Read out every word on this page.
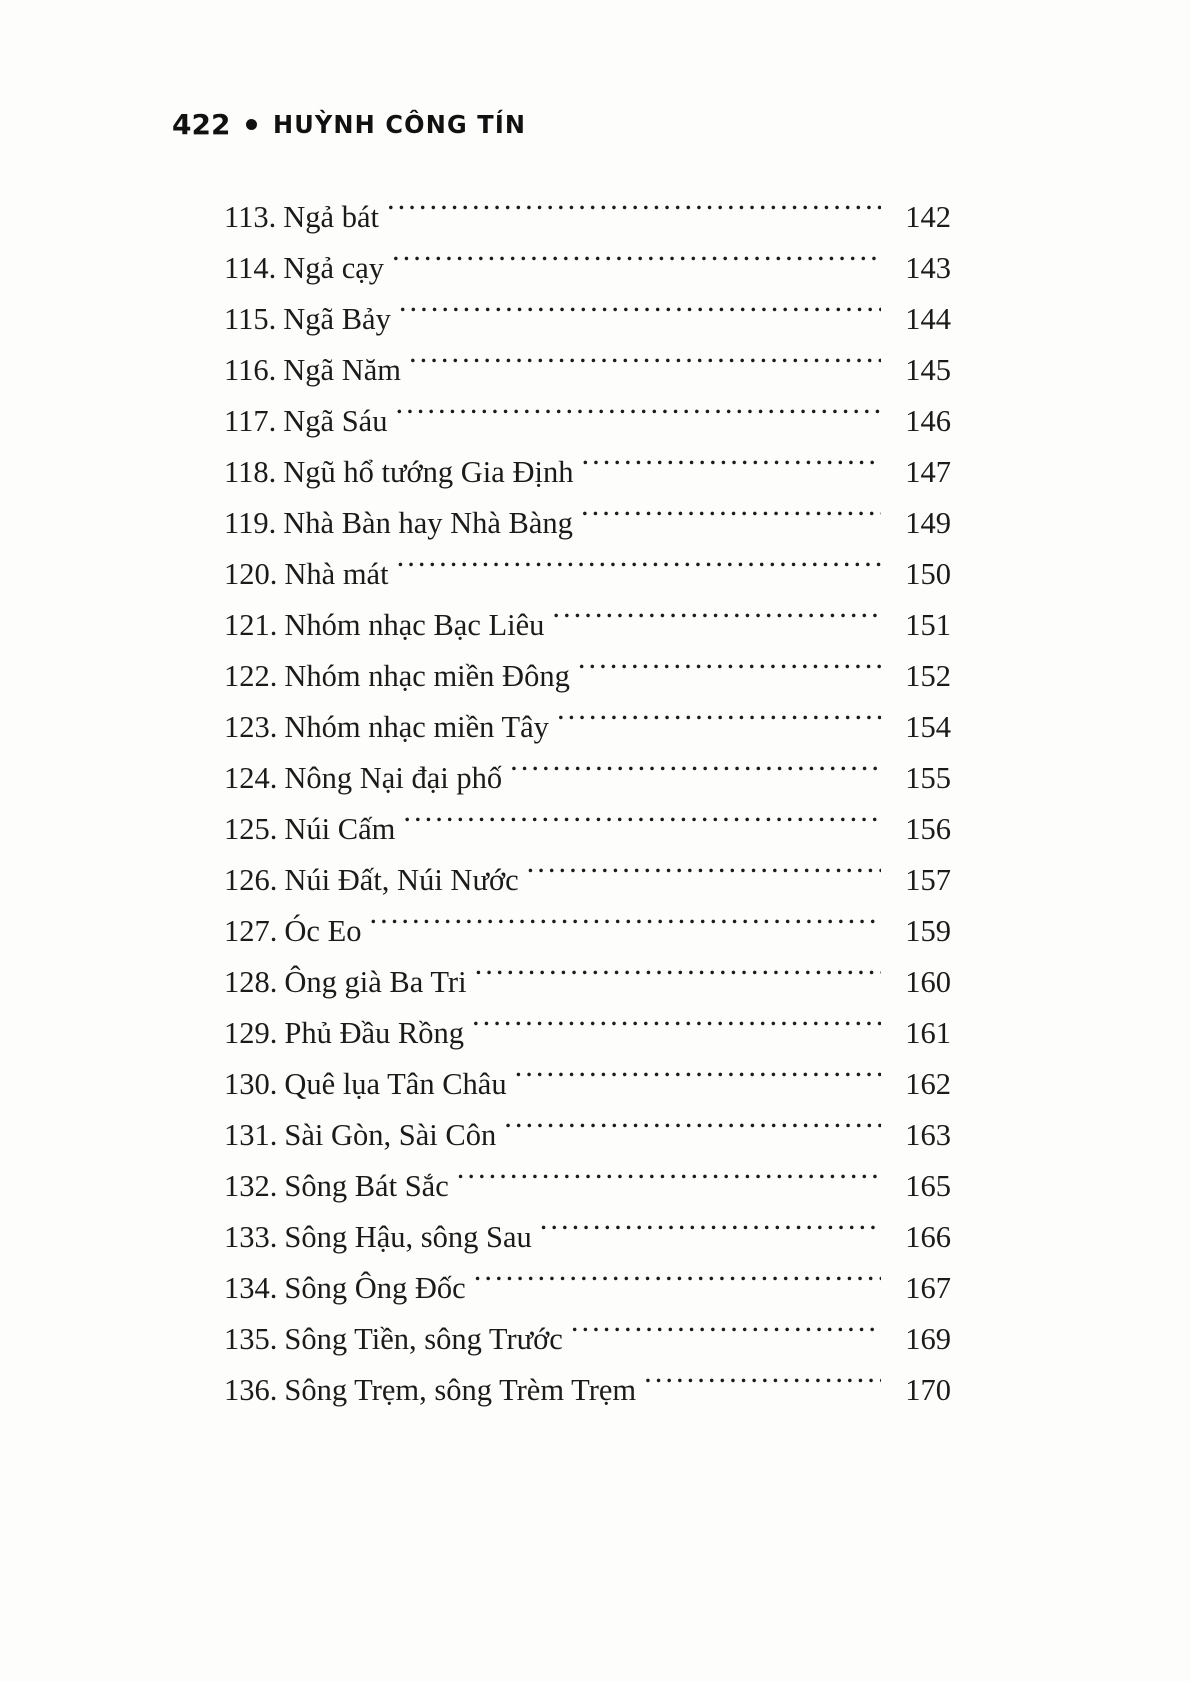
422 HUỲNH CÔNG TÍN
113. Ngả bát .....	142
114. Ngả cạy .....	143
115. Ngã Bảy .....	144
116. Ngã Năm .....	145
117. Ngã Sáu .....	146
118. Ngũ hổ tướng Gia Định .....	147
119. Nhà Bàn hay Nhà Bàng .....	149
120. Nhà mát .....	150
121. Nhóm nhạc Bạc Liêu .....	151
122. Nhóm nhạc miền Đông .....	152
123. Nhóm nhạc miền Tây .....	154
124. Nông Nại đại phố .....	155
125. Núi Cấm .....	156
126. Núi Đất, Núi Nước .....	157
127. Óc Eo .....	159
128. Ông già Ba Tri .....	160
129. Phủ Đầu Rồng .....	161
130. Quê lụa Tân Châu .....	162
131. Sài Gòn, Sài Côn .....	163
132. Sông Bát Sắc .....	165
133. Sông Hậu, sông Sau .....	166
134. Sông Ông Đốc .....	167
135. Sông Tiền, sông Trước .....	169
136. Sông Trẹm, sông Trèm Trẹm .....	170
